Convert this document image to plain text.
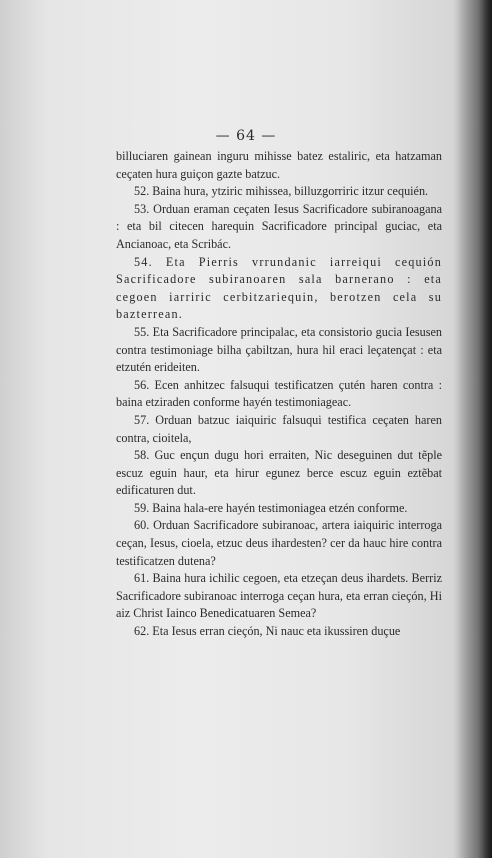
— 64 —

billuciaren gainean inguru mihisse batez estaliric, eta hatzaman ceçaten hura guiçon gazte batzuc.

52. Baina hura, ytziric mihissea, billuzgorriric itzur cequién.

53. Orduan eraman ceçaten Iesus Sacrificadore subiranoagana : eta bil citecen harequin Sacrificadore principal guciac, eta Ancianoac, eta Scribác.

54. Eta Pierris vrrundanic iarreiqui cequión Sacrificadore subiranoaren sala barnerano : eta cegoen iarriric cerbitzariequin, berotzen cela su bazterrean.

55. Eta Sacrificadore principalac, eta consistorio gucia Iesusen contra testimoniage bilha çabiltzan, hura hil eraci leçatençat : eta etzutén erideiten.

56. Ecen anhitzec falsuqui testificatzen çutén haren contra : baina etziraden conforme hayén testimoniageac.

57. Orduan batzuc iaiquiric falsuqui testifica ceçaten haren contra, cioitela,

58. Guc ençun dugu hori erraiten, Nic deseguinen dut tẽple escuz eguin haur, eta hirur egunez berce escuz eguin eztẽbat edificaturen dut.

59. Baina hala-ere hayén testimoniagea etzén conforme.

60. Orduan Sacrificadore subiranoac, artera iaiquiric interroga ceçan, Iesus, cioela, etzuc deus ihardesten? cer da hauc hire contra testificatzen dutena?

61. Baina hura ichilic cegoen, eta etzeçan deus ihardets. Berriz Sacrificadore subiranoac interroga ceçan hura, eta erran cieçón, Hi aiz Christ Iainco Benedicatuaren Semea?

62. Eta Iesus erran cieçón, Ni nauc eta ikussiren duçue
